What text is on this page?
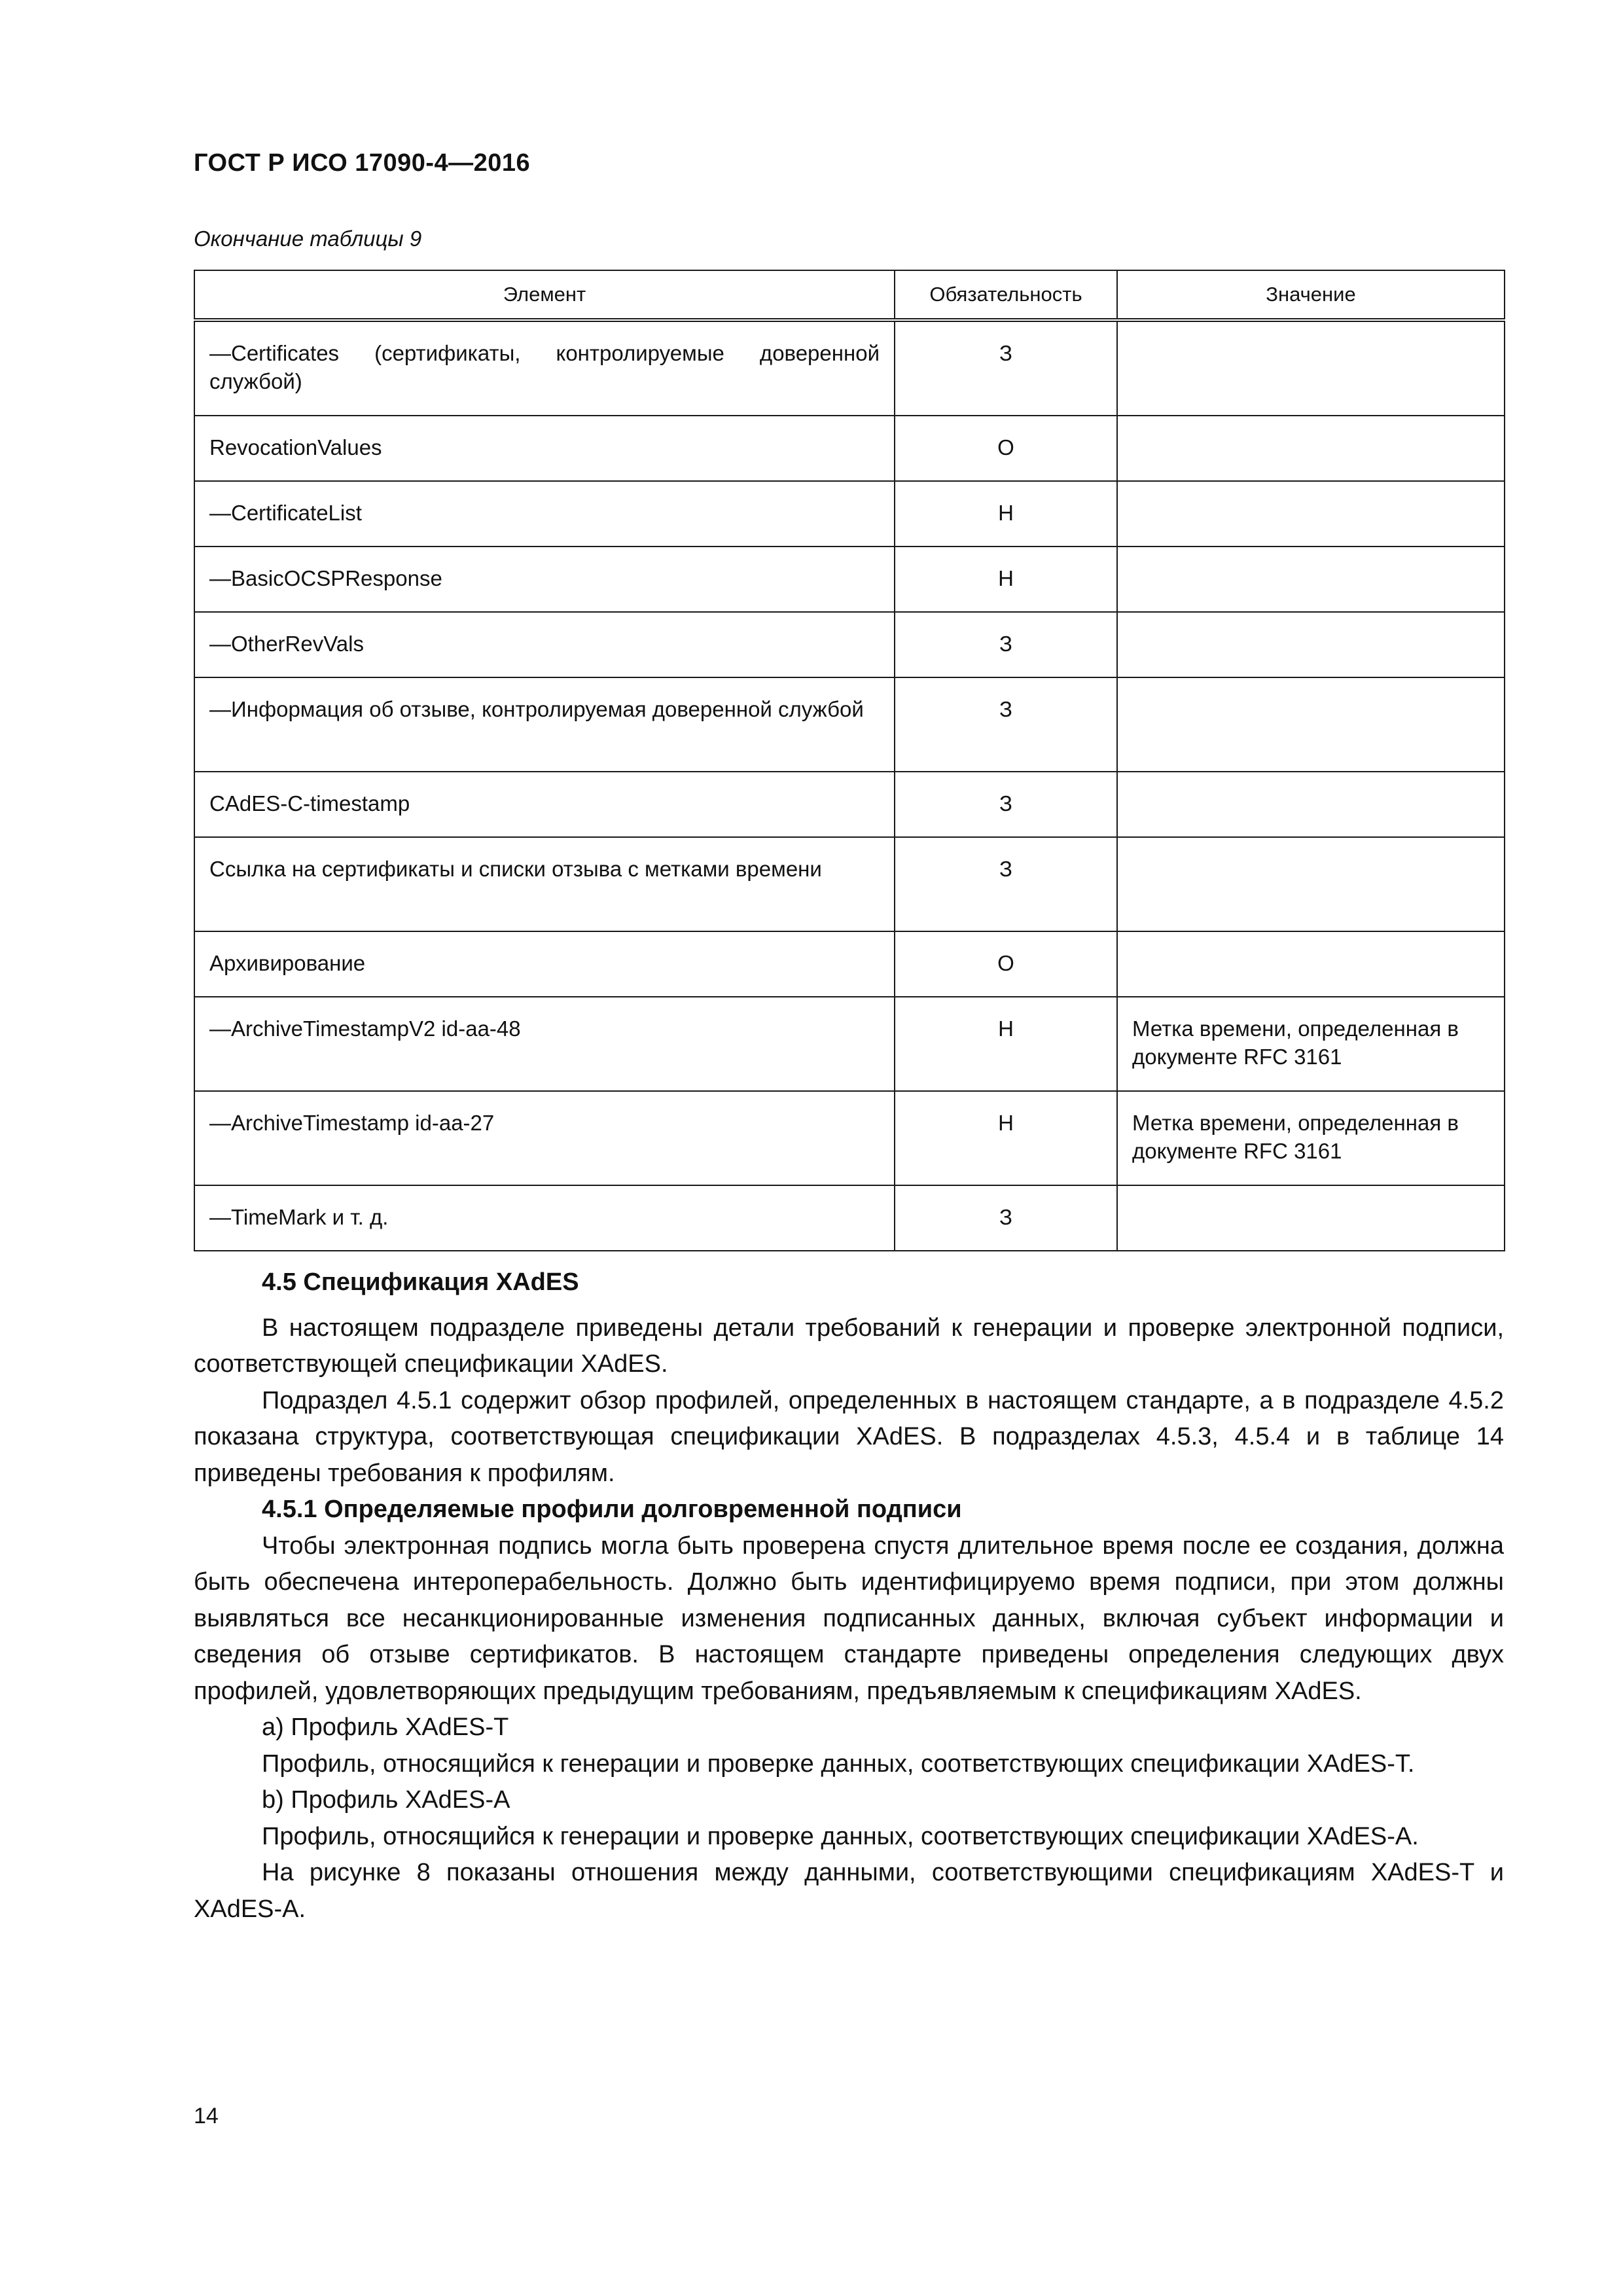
ГОСТ Р ИСО 17090-4—2016
Окончание таблицы 9
Элемент	Обязательность	Значение
—Certificates (сертификаты, контролируемые доверенной службой)	З	
RevocationValues	О	
—CertificateList	Н	
—BasicOCSPResponse	Н	
—OtherRevVals	З	
—Информация об отзыве, контролируемая доверенной службой	З	
CAdES-C-timestamp	З	
Ссылка на сертификаты и списки отзыва с метками времени	З	
Архивирование	О	
—ArchiveTimestampV2 id-aa-48	Н	Метка времени, определенная в документе RFC 3161
—ArchiveTimestamp id-aa-27	Н	Метка времени, определенная в документе RFC 3161
—TimeMark и т. д.	З	

4.5 Спецификация XAdES

В настоящем подразделе приведены детали требований к генерации и проверке электронной подписи, соответствующей спецификации XAdES.

Подраздел 4.5.1 содержит обзор профилей, определенных в настоящем стандарте, а в подразделе 4.5.2 показана структура, соответствующая спецификации XAdES. В подразделах 4.5.3, 4.5.4 и в таблице 14 приведены требования к профилям.

4.5.1 Определяемые профили долговременной подписи

Чтобы электронная подпись могла быть проверена спустя длительное время после ее создания, должна быть обеспечена интероперабельность. Должно быть идентифицируемо время подписи, при этом должны выявляться все несанкционированные изменения подписанных данных, включая субъект информации и сведения об отзыве сертификатов. В настоящем стандарте приведены определения следующих двух профилей, удовлетворяющих предыдущим требованиям, предъявляемым к спецификациям XAdES.

a) Профиль XAdES-T

Профиль, относящийся к генерации и проверке данных, соответствующих спецификации XAdES-T.

b) Профиль XAdES-A

Профиль, относящийся к генерации и проверке данных, соответствующих спецификации XAdES-A.

На рисунке 8 показаны отношения между данными, соответствующими спецификациям XAdES-T и XAdES-A.

14
